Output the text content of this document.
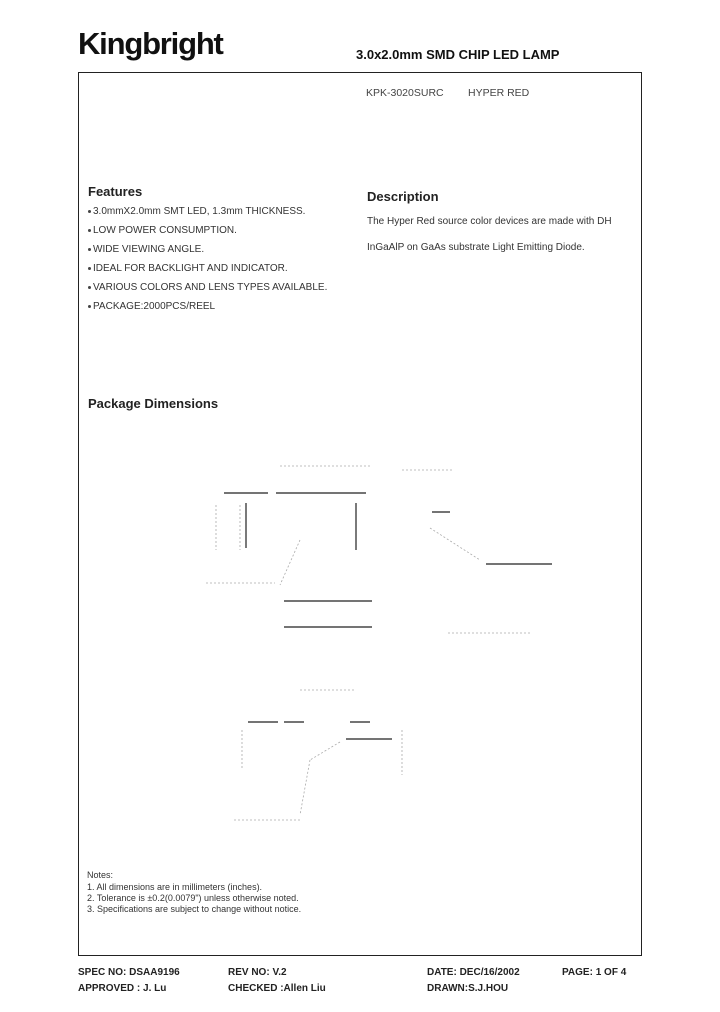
Kingbright	3.0x2.0mm SMD CHIP LED LAMP
KPK-3020SURC HYPER RED
Features
3.0mmX2.0mm SMT LED, 1.3mm THICKNESS.
LOW POWER CONSUMPTION.
WIDE VIEWING ANGLE.
IDEAL FOR BACKLIGHT AND INDICATOR.
VARIOUS COLORS AND LENS TYPES AVAILABLE.
PACKAGE:2000PCS/REEL
Description
The Hyper Red source color devices are made with DH
InGaAlP on GaAs substrate Light Emitting Diode.
Package Dimensions
Notes:
1. All dimensions are in millimeters (inches).
2. Tolerance is ±0.2(0.0079") unless otherwise noted.
3. Specifications are subject to change without notice.
SPEC NO: DSAA9196	REV NO: V.2	DATE: DEC/16/2002	PAGE: 1 OF 4
APPROVED : J. Lu	CHECKED :Allen Liu	DRAWN:S.J.HOU
